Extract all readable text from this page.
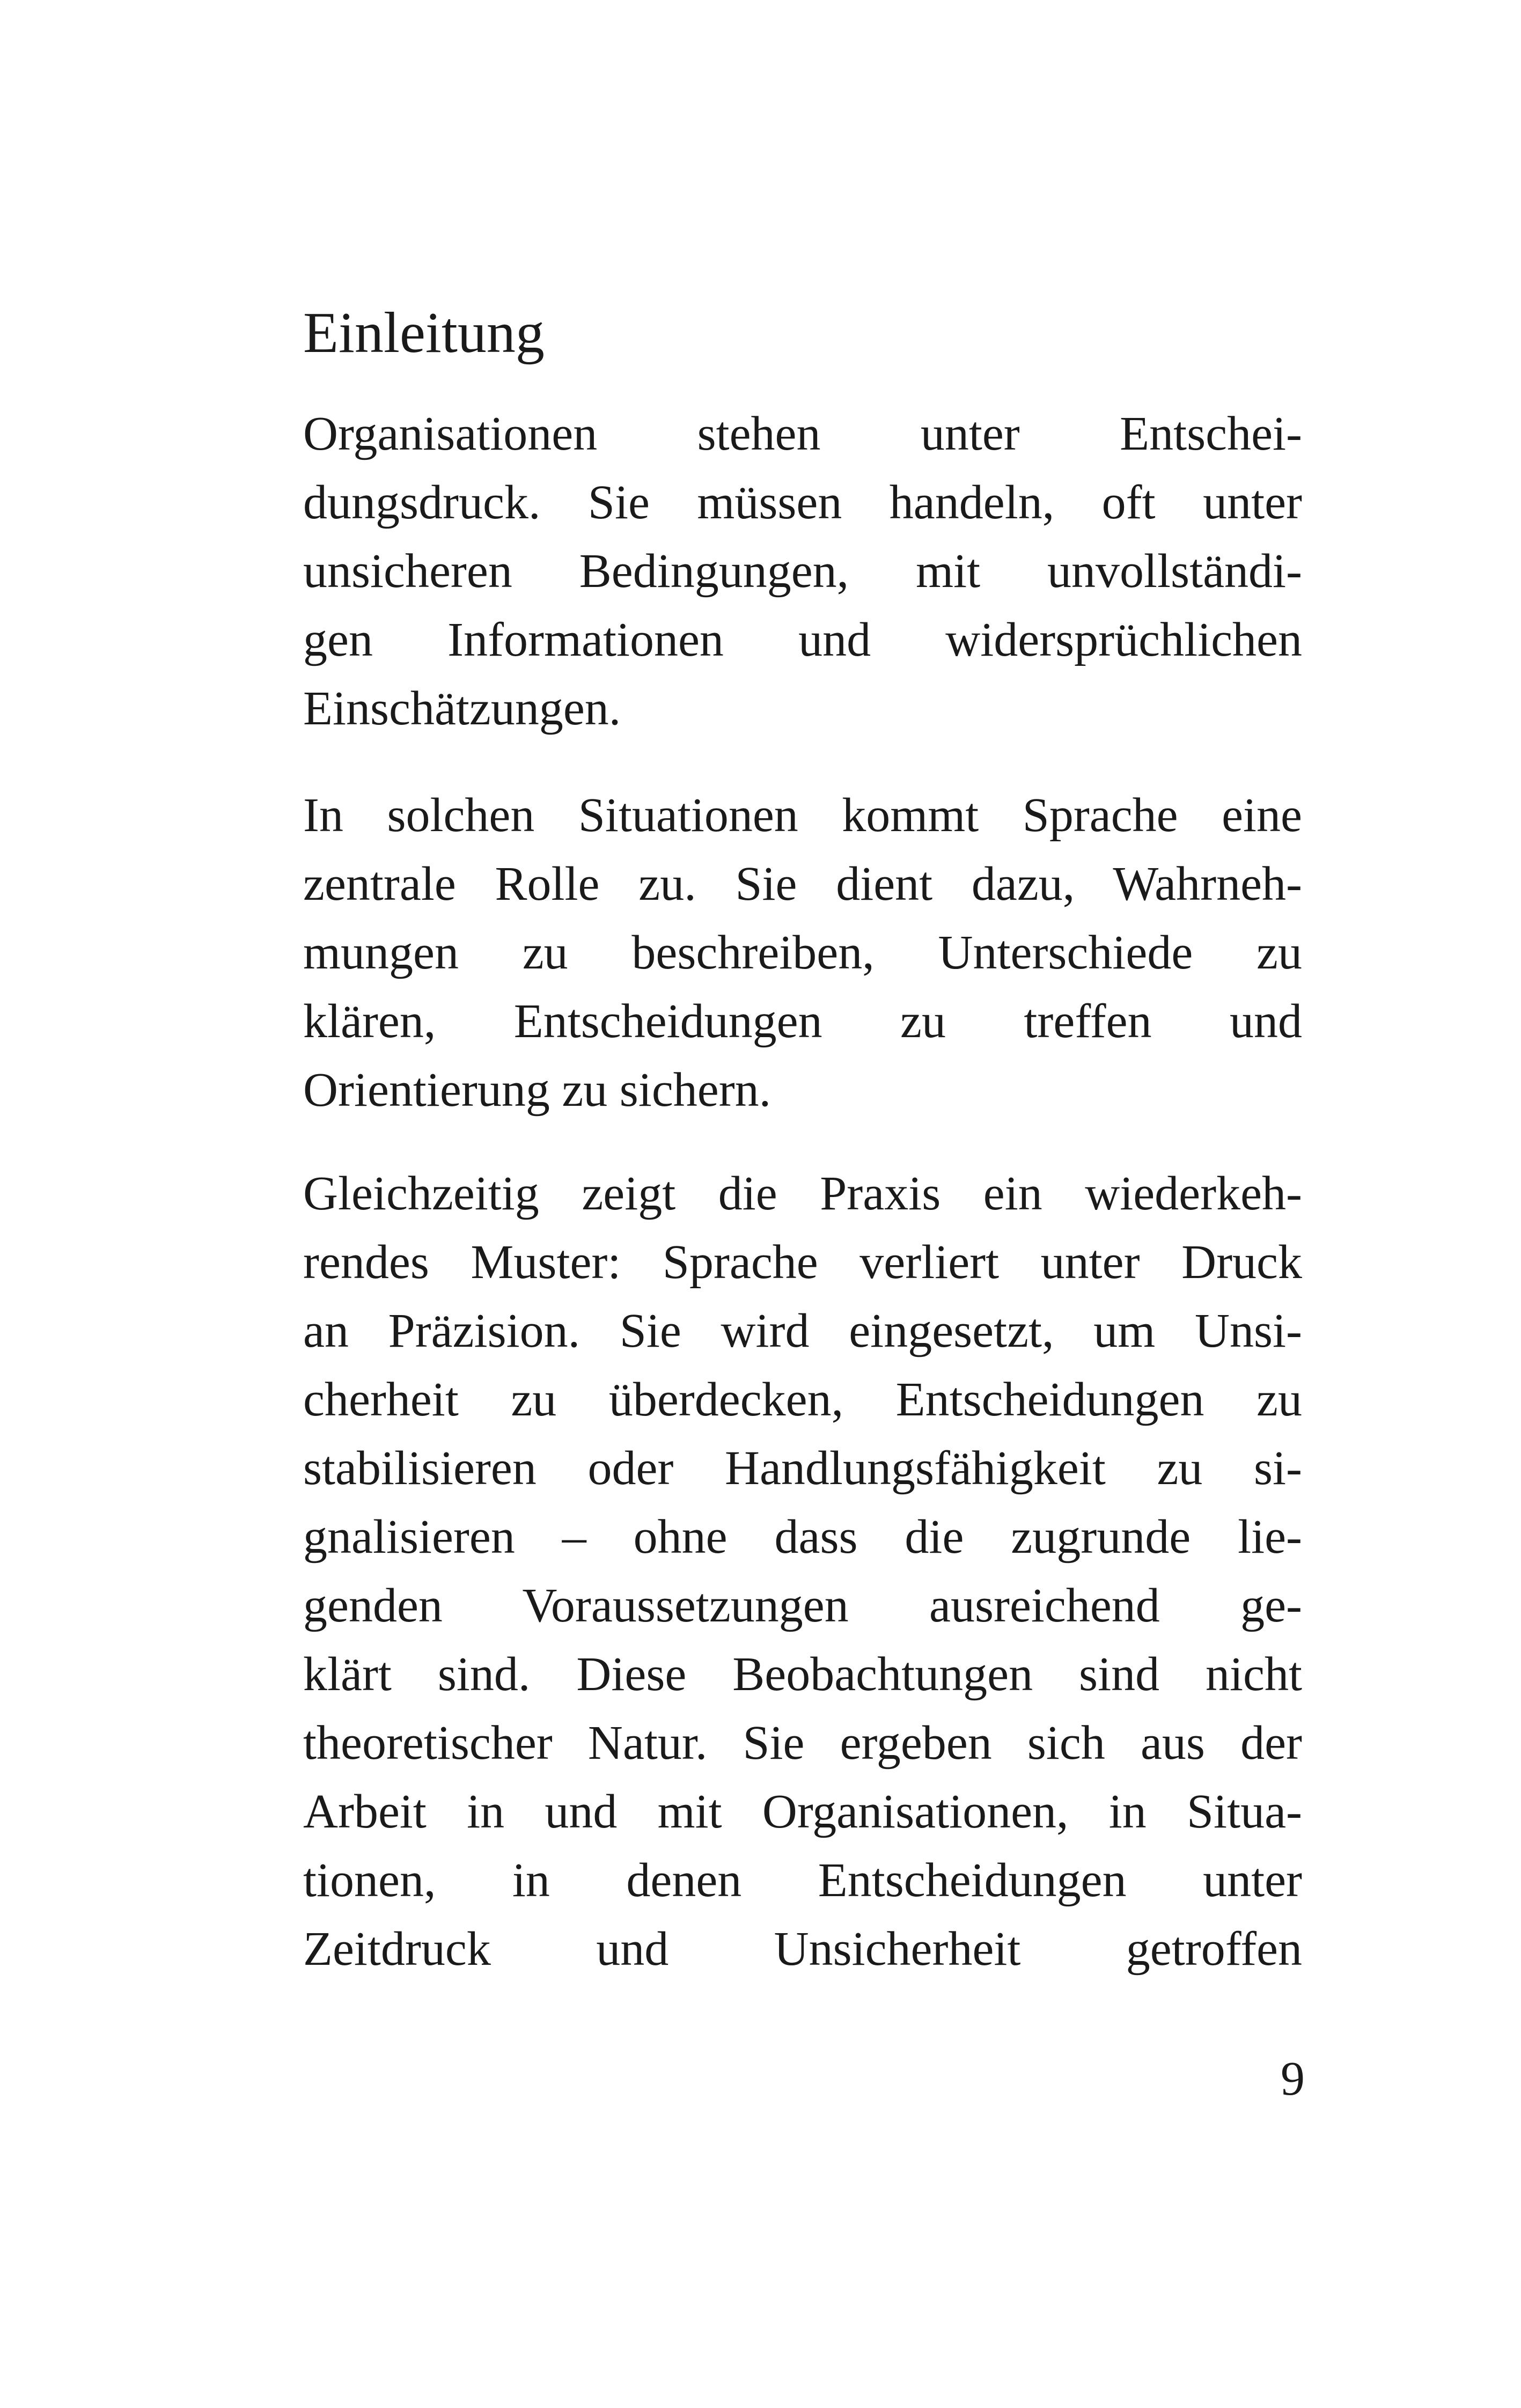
Einleitung
Organisationen stehen unter Entschei-
dungsdruck. Sie müssen handeln, oft unter
unsicheren Bedingungen, mit unvollständi-
gen Informationen und widersprüchlichen
Einschätzungen.
In solchen Situationen kommt Sprache eine
zentrale Rolle zu. Sie dient dazu, Wahrneh-
mungen zu beschreiben, Unterschiede zu
klären, Entscheidungen zu treffen und
Orientierung zu sichern.
Gleichzeitig zeigt die Praxis ein wiederkeh-
rendes Muster: Sprache verliert unter Druck
an Präzision. Sie wird eingesetzt, um Unsi-
cherheit zu überdecken, Entscheidungen zu
stabilisieren oder Handlungsfähigkeit zu si-
gnalisieren – ohne dass die zugrunde lie-
genden Voraussetzungen ausreichend ge-
klärt sind. Diese Beobachtungen sind nicht
theoretischer Natur. Sie ergeben sich aus der
Arbeit in und mit Organisationen, in Situa-
tionen, in denen Entscheidungen unter
Zeitdruck und Unsicherheit getroffen
9
